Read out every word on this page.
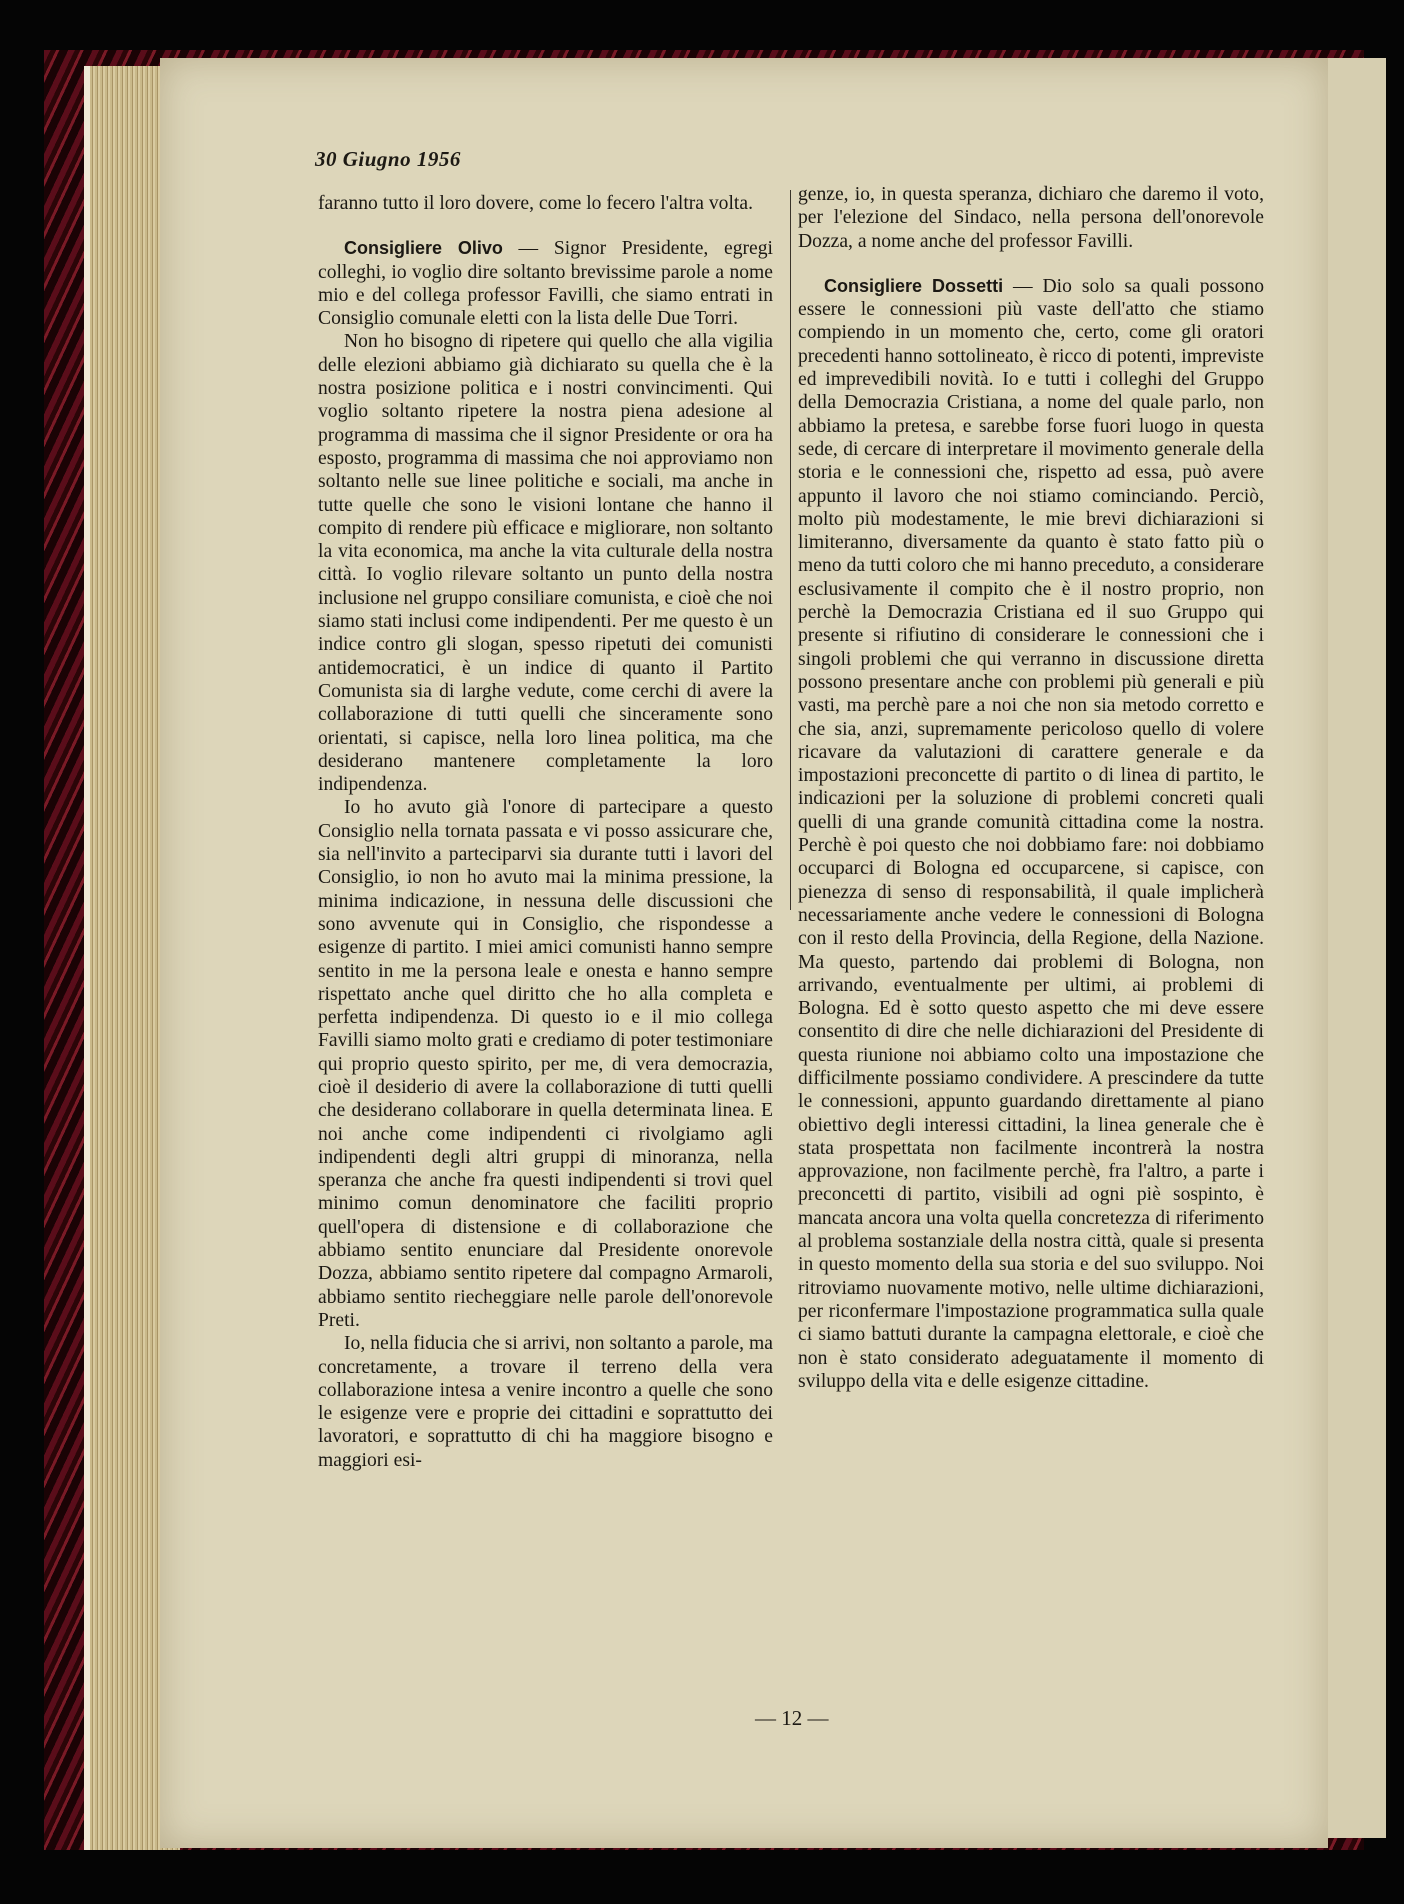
30 Giugno 1956

faranno tutto il loro dovere, come lo fecero l'altra volta.

Consigliere Olivo — Signor Presidente, egregi colleghi, io voglio dire soltanto brevissime parole a nome mio e del collega professor Favilli, che siamo entrati in Consiglio comunale eletti con la lista delle Due Torri.

Non ho bisogno di ripetere qui quello che alla vigilia delle elezioni abbiamo già dichiarato su quella che è la nostra posizione politica e i nostri convincimenti. Qui voglio soltanto ripetere la nostra piena adesione al programma di massima che il signor Presidente or ora ha esposto, programma di massima che noi approviamo non soltanto nelle sue linee politiche e sociali, ma anche in tutte quelle che sono le visioni lontane che hanno il compito di rendere più efficace e migliorare, non soltanto la vita economica, ma anche la vita culturale della nostra città. Io voglio rilevare soltanto un punto della nostra inclusione nel gruppo consiliare comunista, e cioè che noi siamo stati inclusi come indipendenti. Per me questo è un indice contro gli slogan, spesso ripetuti dei comunisti antidemocratici, è un indice di quanto il Partito Comunista sia di larghe vedute, come cerchi di avere la collaborazione di tutti quelli che sinceramente sono orientati, si capisce, nella loro linea politica, ma che desiderano mantenere completamente la loro indipendenza.

Io ho avuto già l'onore di partecipare a questo Consiglio nella tornata passata e vi posso assicurare che, sia nell'invito a parteciparvi sia durante tutti i lavori del Consiglio, io non ho avuto mai la minima pressione, la minima indicazione, in nessuna delle discussioni che sono avvenute qui in Consiglio, che rispondesse a esigenze di partito. I miei amici comunisti hanno sempre sentito in me la persona leale e onesta e hanno sempre rispettato anche quel diritto che ho alla completa e perfetta indipendenza. Di questo io e il mio collega Favilli siamo molto grati e crediamo di poter testimoniare qui proprio questo spirito, per me, di vera democrazia, cioè il desiderio di avere la collaborazione di tutti quelli che desiderano collaborare in quella determinata linea. E noi anche come indipendenti ci rivolgiamo agli indipendenti degli altri gruppi di minoranza, nella speranza che anche fra questi indipendenti si trovi quel minimo comun denominatore che faciliti proprio quell'opera di distensione e di collaborazione che abbiamo sentito enunciare dal Presidente onorevole Dozza, abbiamo sentito ripetere dal compagno Armaroli, abbiamo sentito riecheggiare nelle parole dell'onorevole Preti.

Io, nella fiducia che si arrivi, non soltanto a parole, ma concretamente, a trovare il terreno della vera collaborazione intesa a venire incontro a quelle che sono le esigenze vere e proprie dei cittadini e soprattutto dei lavoratori, e soprattutto di chi ha maggiore bisogno e maggiori esi-

genze, io, in questa speranza, dichiaro che daremo il voto, per l'elezione del Sindaco, nella persona dell'onorevole Dozza, a nome anche del professor Favilli.

Consigliere Dossetti — Dio solo sa quali possono essere le connessioni più vaste dell'atto che stiamo compiendo in un momento che, certo, come gli oratori precedenti hanno sottolineato, è ricco di potenti, impreviste ed imprevedibili novità. Io e tutti i colleghi del Gruppo della Democrazia Cristiana, a nome del quale parlo, non abbiamo la pretesa, e sarebbe forse fuori luogo in questa sede, di cercare di interpretare il movimento generale della storia e le connessioni che, rispetto ad essa, può avere appunto il lavoro che noi stiamo cominciando. Perciò, molto più modestamente, le mie brevi dichiarazioni si limiteranno, diversamente da quanto è stato fatto più o meno da tutti coloro che mi hanno preceduto, a considerare esclusivamente il compito che è il nostro proprio, non perchè la Democrazia Cristiana ed il suo Gruppo qui presente si rifiutino di considerare le connessioni che i singoli problemi che qui verranno in discussione diretta possono presentare anche con problemi più generali e più vasti, ma perchè pare a noi che non sia metodo corretto e che sia, anzi, supremamente pericoloso quello di volere ricavare da valutazioni di carattere generale e da impostazioni preconcette di partito o di linea di partito, le indicazioni per la soluzione di problemi concreti quali quelli di una grande comunità cittadina come la nostra. Perchè è poi questo che noi dobbiamo fare: noi dobbiamo occuparci di Bologna ed occuparcene, si capisce, con pienezza di senso di responsabilità, il quale implicherà necessariamente anche vedere le connessioni di Bologna con il resto della Provincia, della Regione, della Nazione. Ma questo, partendo dai problemi di Bologna, non arrivando, eventualmente per ultimi, ai problemi di Bologna. Ed è sotto questo aspetto che mi deve essere consentito di dire che nelle dichiarazioni del Presidente di questa riunione noi abbiamo colto una impostazione che difficilmente possiamo condividere. A prescindere da tutte le connessioni, appunto guardando direttamente al piano obiettivo degli interessi cittadini, la linea generale che è stata prospettata non facilmente incontrerà la nostra approvazione, non facilmente perchè, fra l'altro, a parte i preconcetti di partito, visibili ad ogni piè sospinto, è mancata ancora una volta quella concretezza di riferimento al problema sostanziale della nostra città, quale si presenta in questo momento della sua storia e del suo sviluppo. Noi ritroviamo nuovamente motivo, nelle ultime dichiarazioni, per riconfermare l'impostazione programmatica sulla quale ci siamo battuti durante la campagna elettorale, e cioè che non è stato considerato adeguatamente il momento di sviluppo della vita e delle esigenze cittadine.

— 12 —
